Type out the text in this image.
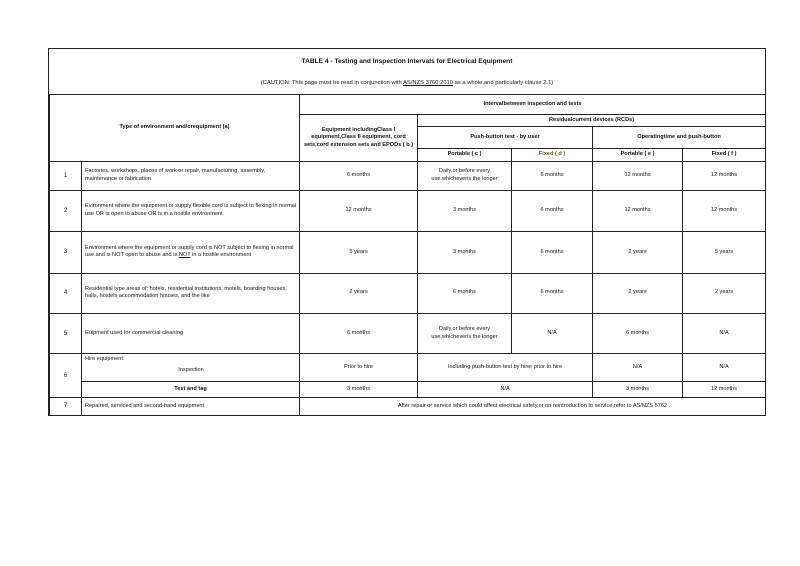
TABLE 4 - Testing and Inspection Intervals for Electrical Equipment
(CAUTION: This page must be read in conjunction with AS/NZS 3760:2010 as a whole,and particularly clause 2.1)
Type of environment and/orequipment (a)		Intervalbetween inspection and tests				
		Equipment includingClass I equipment,Class II equipment, cord sets,cord extension sets and EPODs ( b )	Residualcurrent devices (RCDs)			
			Push-button test - by user		Operatingtime and push-button	
			Portable ( c )	Fixed ( d )	Portable ( e )	Fixed ( f )
1	Factories, workshops, places of work or repair, manufacturing, assembly, maintenance or fabrication	6 months	Daily,or before every use,whicheveris the longer	6 months	12 months	12 months
2	Evironment where the equipment or supply flexible cord is subject to flexing in normal use OR is open to abuse OR is in a hostile environment	12 months	3 months	6 months	12 months	12 months
3	Environment where the equipment or supply cord is NOT subject to flexing in normal use and is NOT open to abuse and is NOT in a hostile environment	5 years	3 months	6 months	2 years	5 years
4	Residential type areas of: hotels, residential institutions, motels, boarding houses, halls, hostels accommodation houses, and the like	2 years	6 months	6 months	2 years	2 years
5	Euipment used for commercial cleaning	6 months	Daily,or before every use,whicheveris the longer	N/A	6 months	N/A
6	Hire equipment:
Inspection	Prior to hire	Including push-button test by hirer prior to hire		N/A	N/A
	Test and tag	3 months	N/A		3 months	12 months
7	Repaired, serviced and second-hand equipment	After repair or service which could affect electrical safety,or on reintroduction to service,refer to AS/NZS 5762				
